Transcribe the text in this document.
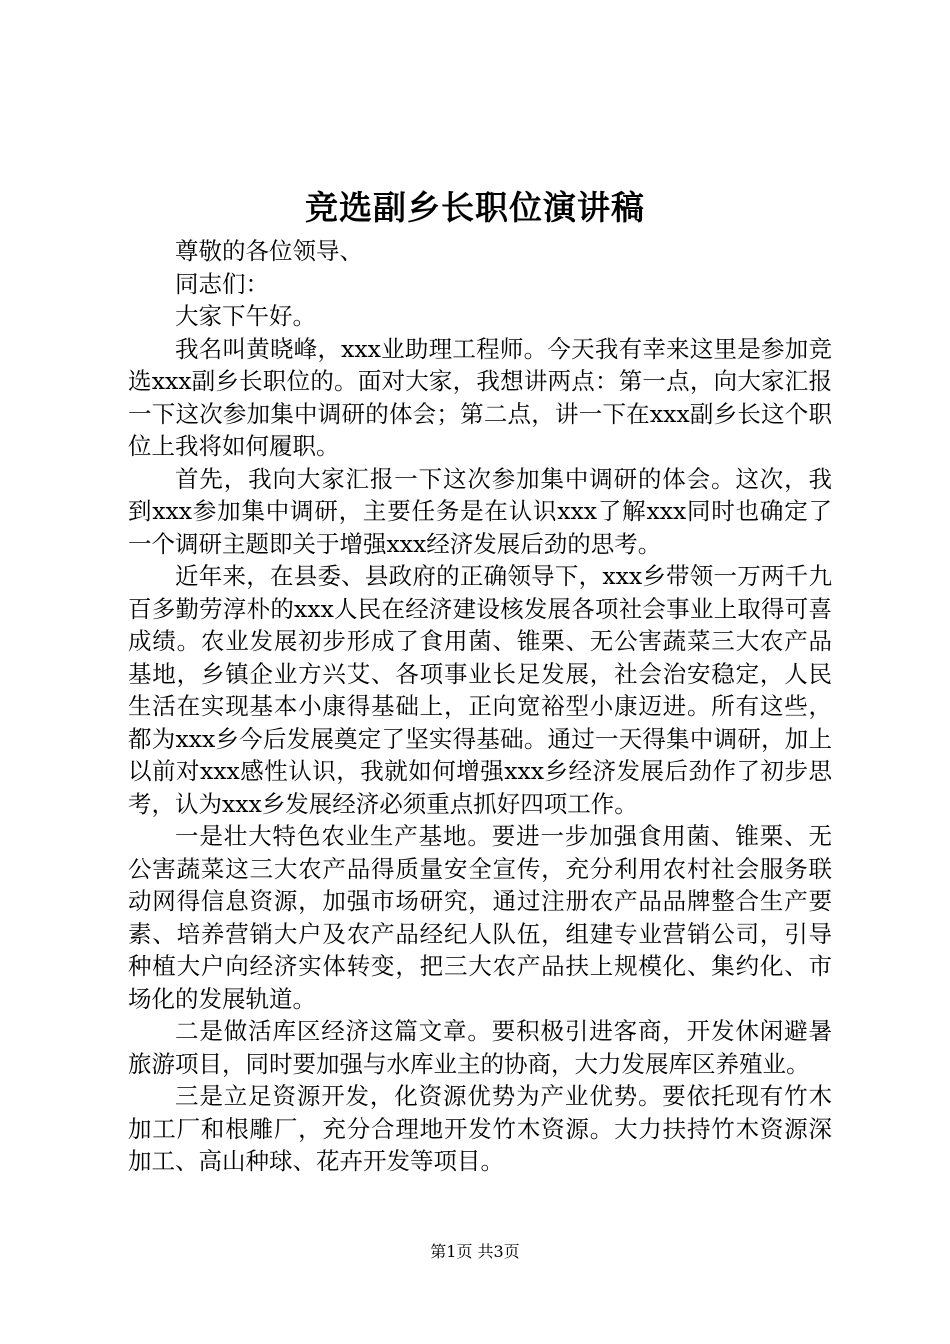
竞选副乡长职位演讲稿

尊敬的各位领导、

同志们：

大家下午好。

我名叫黄晓峰，xxx业助理工程师。今天我有幸来这里是参加竞选xxx副乡长职位的。面对大家，我想讲两点：第一点，向大家汇报一下这次参加集中调研的体会；第二点，讲一下在xxx副乡长这个职位上我将如何履职。

首先，我向大家汇报一下这次参加集中调研的体会。这次，我到xxx参加集中调研，主要任务是在认识xxx了解xxx同时也确定了一个调研主题即关于增强xxx经济发展后劲的思考。

近年来，在县委、县政府的正确领导下，xxx乡带领一万两千九百多勤劳淳朴的xxx人民在经济建设核发展各项社会事业上取得可喜成绩。农业发展初步形成了食用菌、锥栗、无公害蔬菜三大农产品基地，乡镇企业方兴艾、各项事业长足发展，社会治安稳定，人民生活在实现基本小康得基础上，正向宽裕型小康迈进。所有这些，都为xxx乡今后发展奠定了坚实得基础。通过一天得集中调研，加上以前对xxx感性认识，我就如何增强xxx乡经济发展后劲作了初步思考，认为xxx乡发展经济必须重点抓好四项工作。

一是壮大特色农业生产基地。要进一步加强食用菌、锥栗、无公害蔬菜这三大农产品得质量安全宣传，充分利用农村社会服务联动网得信息资源，加强市场研究，通过注册农产品品牌整合生产要素、培养营销大户及农产品经纪人队伍，组建专业营销公司，引导种植大户向经济实体转变，把三大农产品扶上规模化、集约化、市场化的发展轨道。

二是做活库区经济这篇文章。要积极引进客商，开发休闲避暑旅游项目，同时要加强与水库业主的协商，大力发展库区养殖业。

三是立足资源开发，化资源优势为产业优势。要依托现有竹木加工厂和根雕厂，充分合理地开发竹木资源。大力扶持竹木资源深加工、高山种球、花卉开发等项目。

第1页 共3页
